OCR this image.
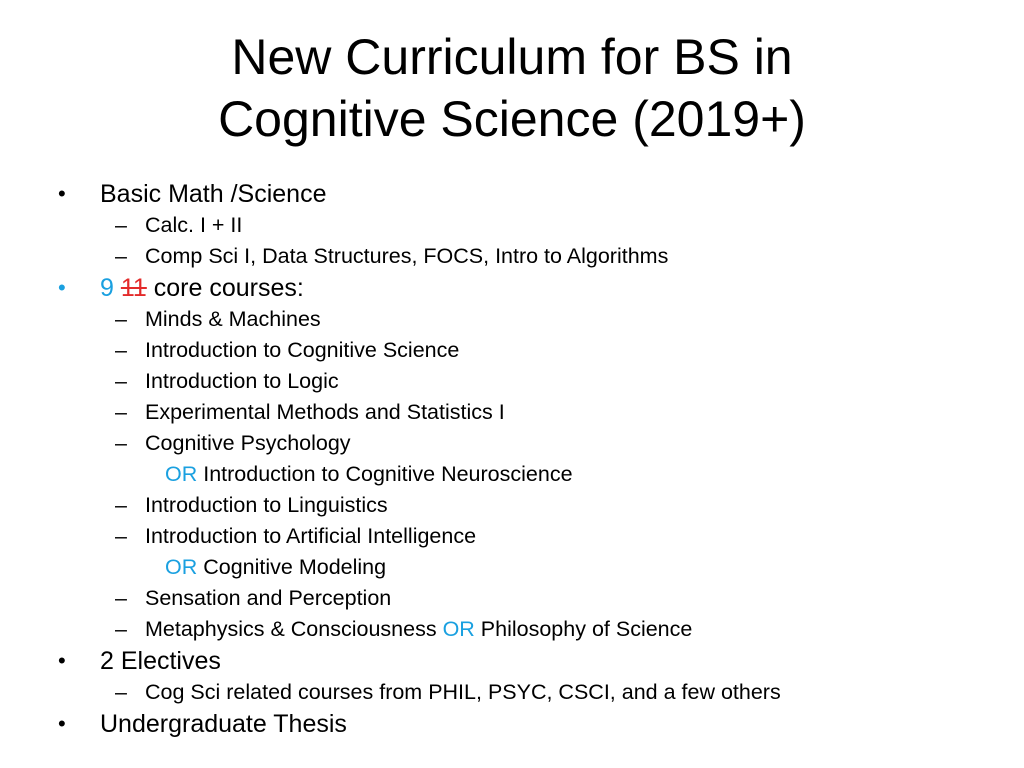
New Curriculum for BS in
Cognitive Science (2019+)
• Basic Math /Science
– Calc. I + II
– Comp Sci I, Data Structures, FOCS, Intro to Algorithms
• 9 11 core courses:
– Minds & Machines
– Introduction to Cognitive Science
– Introduction to Logic
– Experimental Methods and Statistics I
– Cognitive Psychology
OR Introduction to Cognitive Neuroscience
– Introduction to Linguistics
– Introduction to Artificial Intelligence
OR Cognitive Modeling
– Sensation and Perception
– Metaphysics & Consciousness OR Philosophy of Science
• 2 Electives
– Cog Sci related courses from PHIL, PSYC, CSCI, and a few others
• Undergraduate Thesis
